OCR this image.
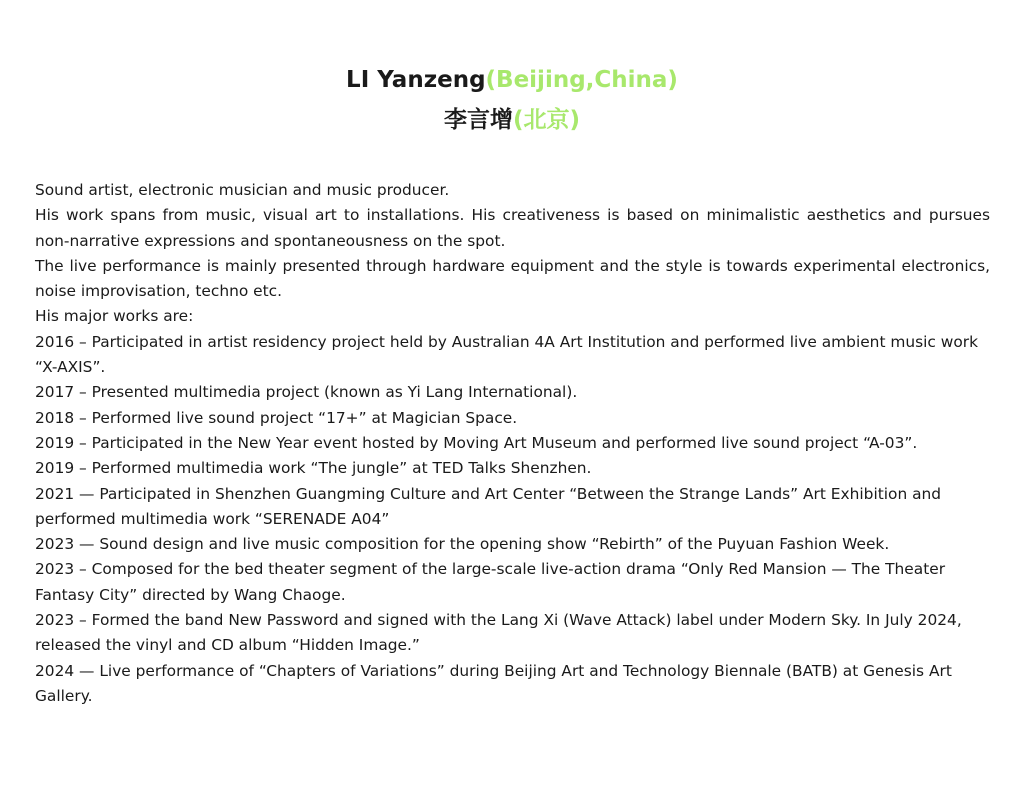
LI Yanzeng(Beijing,China)
李言增(北京)

Sound artist, electronic musician and music producer.

His work spans from music, visual art to installations. His creativeness is based on minimalistic aesthetics and pursues non-narrative expressions and spontaneousness on the spot.

The live performance is mainly presented through hardware equipment and the style is towards experimental electronics, noise improvisation, techno etc.

His major works are:

2016 – Participated in artist residency project held by Australian 4A Art Institution and performed live ambient music work “X-AXIS”.

2017 – Presented multimedia project (known as Yi Lang International).

2018 – Performed live sound project “17+” at Magician Space.

2019 – Participated in the New Year event hosted by Moving Art Museum and performed live sound project “A-03”.

2019 – Performed multimedia work “The jungle” at TED Talks Shenzhen.

2021 — Participated in Shenzhen Guangming Culture and Art Center “Between the Strange Lands” Art Exhibition and performed multimedia work “SERENADE A04”

2023 — Sound design and live music composition for the opening show “Rebirth” of the Puyuan Fashion Week.

2023 – Composed for the bed theater segment of the large-scale live-action drama “Only Red Mansion — The Theater Fantasy City” directed by Wang Chaoge.

2023 – Formed the band New Password and signed with the Lang Xi (Wave Attack) label under Modern Sky. In July 2024, released the vinyl and CD album “Hidden Image.”

2024 — Live performance of “Chapters of Variations” during Beijing Art and Technology Biennale (BATB) at Genesis Art Gallery.
